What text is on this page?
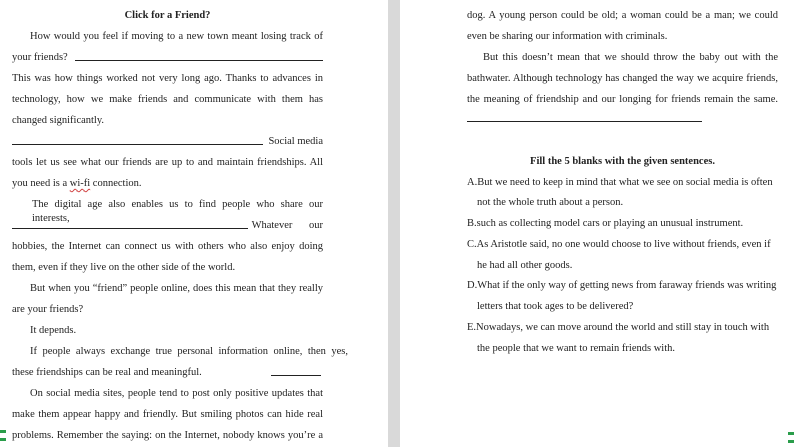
Click for a Friend?
How would you feel if moving to a new town meant losing track of
your friends?
This was how things worked not very long ago. Thanks to advances in
technology, how we make friends and communicate with them has
changed significantly.
Social media
tools let us see what our friends are up to and maintain friendships. All
you need is a wi-fi connection.
The digital age also enables us to find people who share our interests,
Whatever our
hobbies, the Internet can connect us with others who also enjoy doing
them, even if they live on the other side of the world.
But when you “friend” people online, does this mean that they really
are your friends?
It depends.
If people always exchange true personal information online, then yes,
these friendships can be real and meaningful.
On social media sites, people tend to post only positive updates that
make them appear happy and friendly. But smiling photos can hide real
problems. Remember the saying: on the Internet, nobody knows you’re a
dog. A young person could be old; a woman could be a man; we could
even be sharing our information with criminals.
But this doesn’t mean that we should throw the baby out with the
bathwater. Although technology has changed the way we acquire friends,
the meaning of friendship and our longing for friends remain the same.
Fill the 5 blanks with the given sentences.
A.But we need to keep in mind that what we see on social media is often
not the whole truth about a person.
B.such as collecting model cars or playing an unusual instrument.
C.As Aristotle said, no one would choose to live without friends, even if
he had all other goods.
D.What if the only way of getting news from faraway friends was writing
letters that took ages to be delivered?
E.Nowadays, we can move around the world and still stay in touch with
the people that we want to remain friends with.
